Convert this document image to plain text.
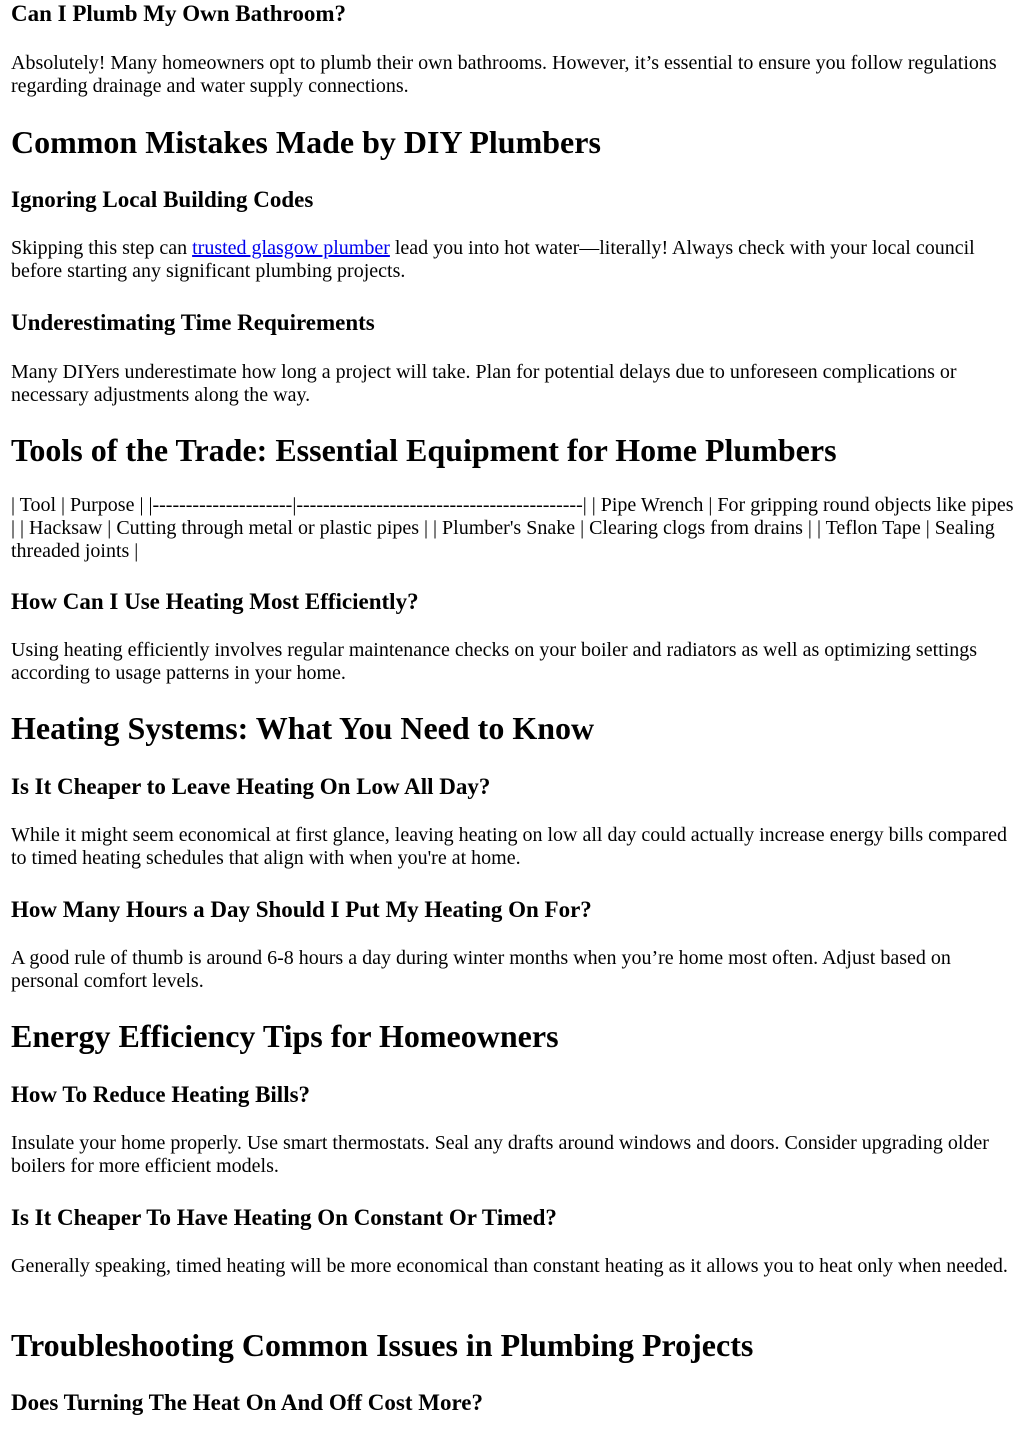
Can I Plumb My Own Bathroom?

Absolutely! Many homeowners opt to plumb their own bathrooms. However, it’s essential to ensure you follow regulations regarding drainage and water supply connections.

Common Mistakes Made by DIY Plumbers
Ignoring Local Building Codes

Skipping this step can trusted glasgow plumber lead you into hot water—literally! Always check with your local council before starting any significant plumbing projects.

Underestimating Time Requirements

Many DIYers underestimate how long a project will take. Plan for potential delays due to unforeseen complications or necessary adjustments along the way.

Tools of the Trade: Essential Equipment for Home Plumbers

| Tool | Purpose | |---------------------|-------------------------------------------| | Pipe Wrench | For gripping round objects like pipes | | Hacksaw | Cutting through metal or plastic pipes | | Plumber's Snake | Clearing clogs from drains | | Teflon Tape | Sealing threaded joints |

How Can I Use Heating Most Efficiently?

Using heating efficiently involves regular maintenance checks on your boiler and radiators as well as optimizing settings according to usage patterns in your home.

Heating Systems: What You Need to Know
Is It Cheaper to Leave Heating On Low All Day?

While it might seem economical at first glance, leaving heating on low all day could actually increase energy bills compared to timed heating schedules that align with when you're at home.

How Many Hours a Day Should I Put My Heating On For?

A good rule of thumb is around 6-8 hours a day during winter months when you’re home most often. Adjust based on personal comfort levels.

Energy Efficiency Tips for Homeowners
How To Reduce Heating Bills?

Insulate your home properly. Use smart thermostats. Seal any drafts around windows and doors. Consider upgrading older boilers for more efficient models.

Is It Cheaper To Have Heating On Constant Or Timed?

Generally speaking, timed heating will be more economical than constant heating as it allows you to heat only when needed.

Troubleshooting Common Issues in Plumbing Projects
Does Turning The Heat On And Off Cost More?
